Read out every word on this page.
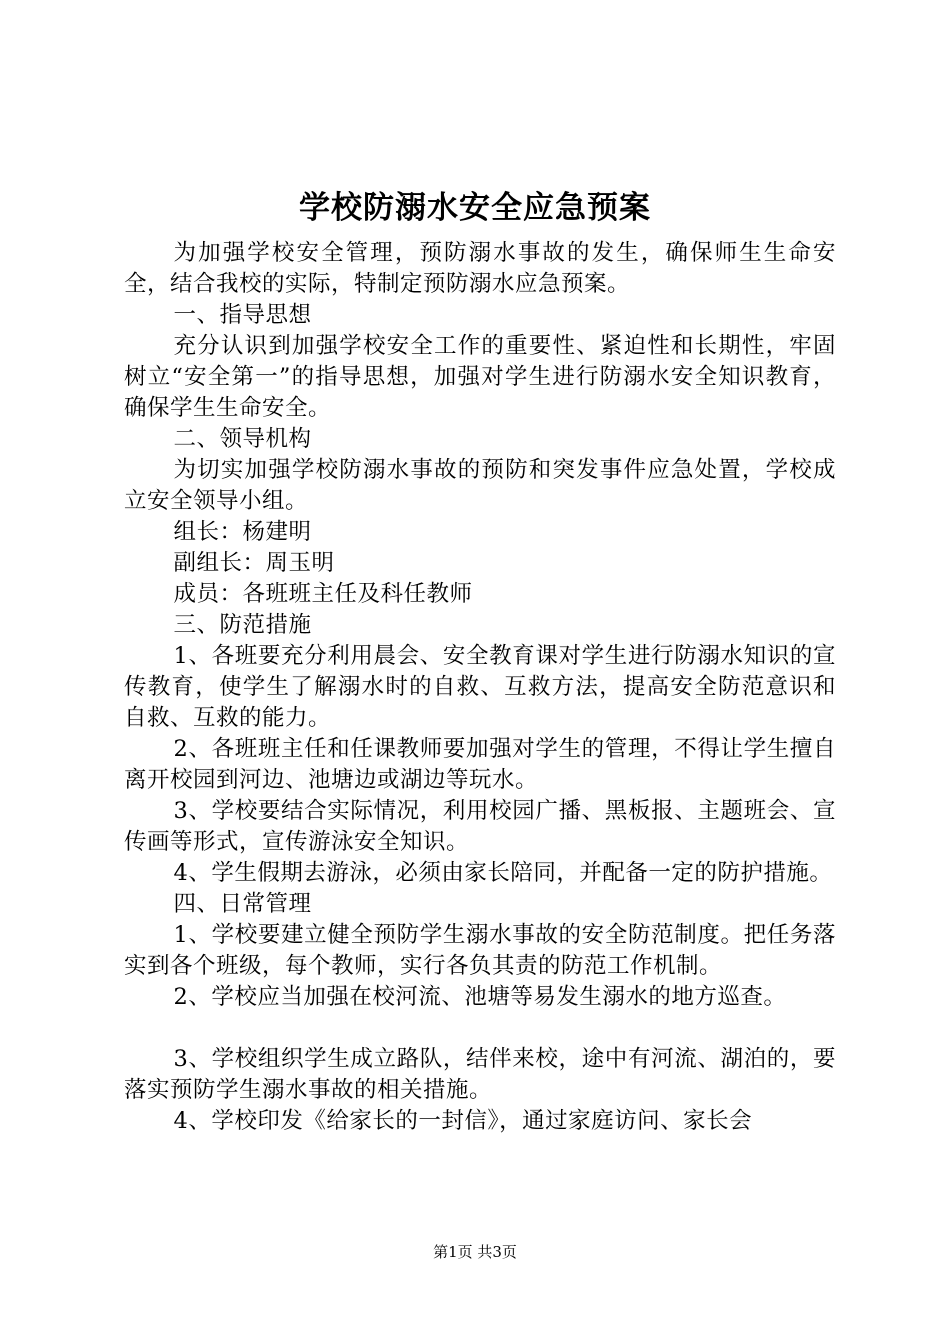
学校防溺水安全应急预案

为加强学校安全管理，预防溺水事故的发生，确保师生生命安全，结合我校的实际，特制定预防溺水应急预案。

一、指导思想

充分认识到加强学校安全工作的重要性、紧迫性和长期性，牢固树立“安全第一”的指导思想，加强对学生进行防溺水安全知识教育，确保学生生命安全。

二、领导机构

为切实加强学校防溺水事故的预防和突发事件应急处置，学校成立安全领导小组。

组长：杨建明

副组长：周玉明

成员：各班班主任及科任教师

三、防范措施

1、各班要充分利用晨会、安全教育课对学生进行防溺水知识的宣传教育，使学生了解溺水时的自救、互救方法，提高安全防范意识和自救、互救的能力。

2、各班班主任和任课教师要加强对学生的管理，不得让学生擅自离开校园到河边、池塘边或湖边等玩水。

3、学校要结合实际情况，利用校园广播、黑板报、主题班会、宣传画等形式，宣传游泳安全知识。

4、学生假期去游泳，必须由家长陪同，并配备一定的防护措施。

四、日常管理

1、学校要建立健全预防学生溺水事故的安全防范制度。把任务落实到各个班级，每个教师，实行各负其责的防范工作机制。

2、学校应当加强在校河流、池塘等易发生溺水的地方巡查。

3、学校组织学生成立路队，结伴来校，途中有河流、湖泊的，要落实预防学生溺水事故的相关措施。

4、学校印发《给家长的一封信》，通过家庭访问、家长会

第1页 共3页
